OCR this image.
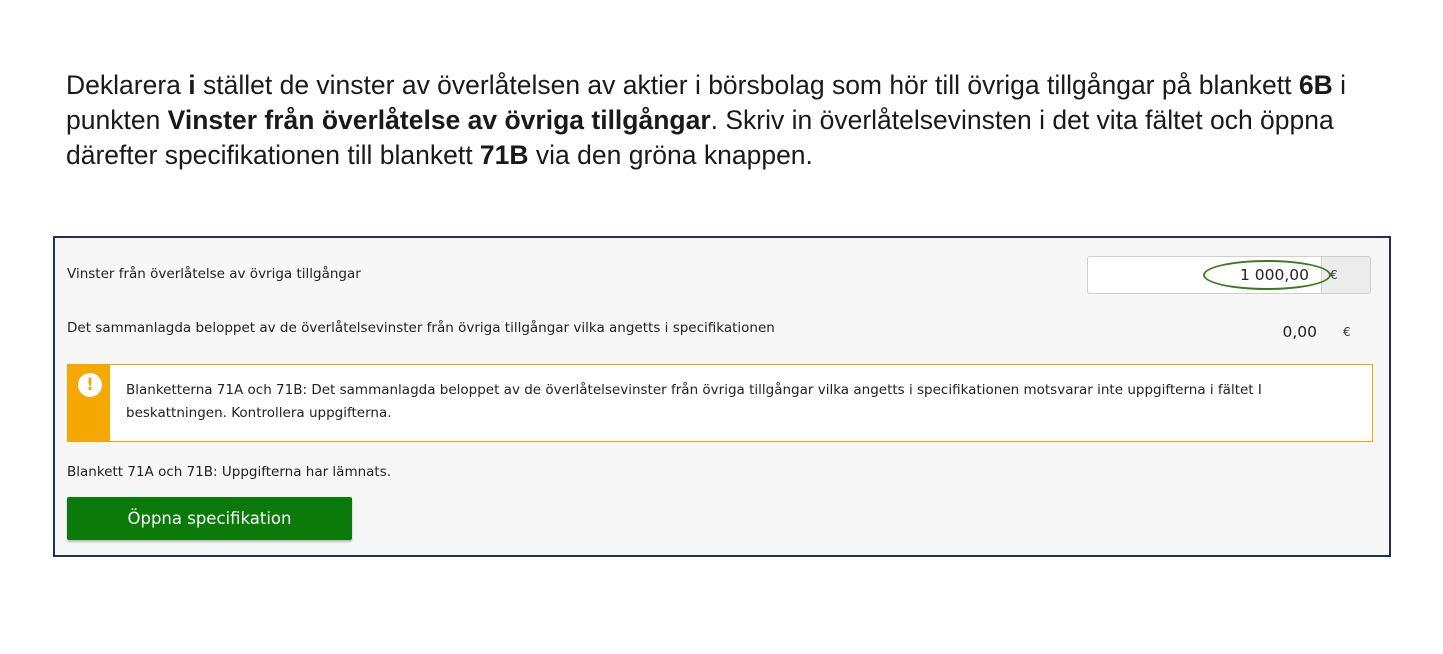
Deklarera i stället de vinster av överlåtelsen av aktier i börsbolag som hör till övriga tillgångar på blankett 6B i punkten Vinster från överlåtelse av övriga tillgångar. Skriv in överlåtelsevinsten i det vita fältet och öppna därefter specifikationen till blankett 71B via den gröna knappen.

Vinster från överlåtelse av övriga tillgångar
1 000,00	€
Det sammanlagda beloppet av de överlåtelsevinster från övriga tillgångar vilka angetts i specifikationen	0,00 €
!	Blanketterna 71A och 71B: Det sammanlagda beloppet av de överlåtelsevinster från övriga tillgångar vilka angetts i specifikationen motsvarar inte uppgifterna i fältet I beskattningen. Kontrollera uppgifterna.
Blankett 71A och 71B: Uppgifterna har lämnats.
Öppna specifikation
